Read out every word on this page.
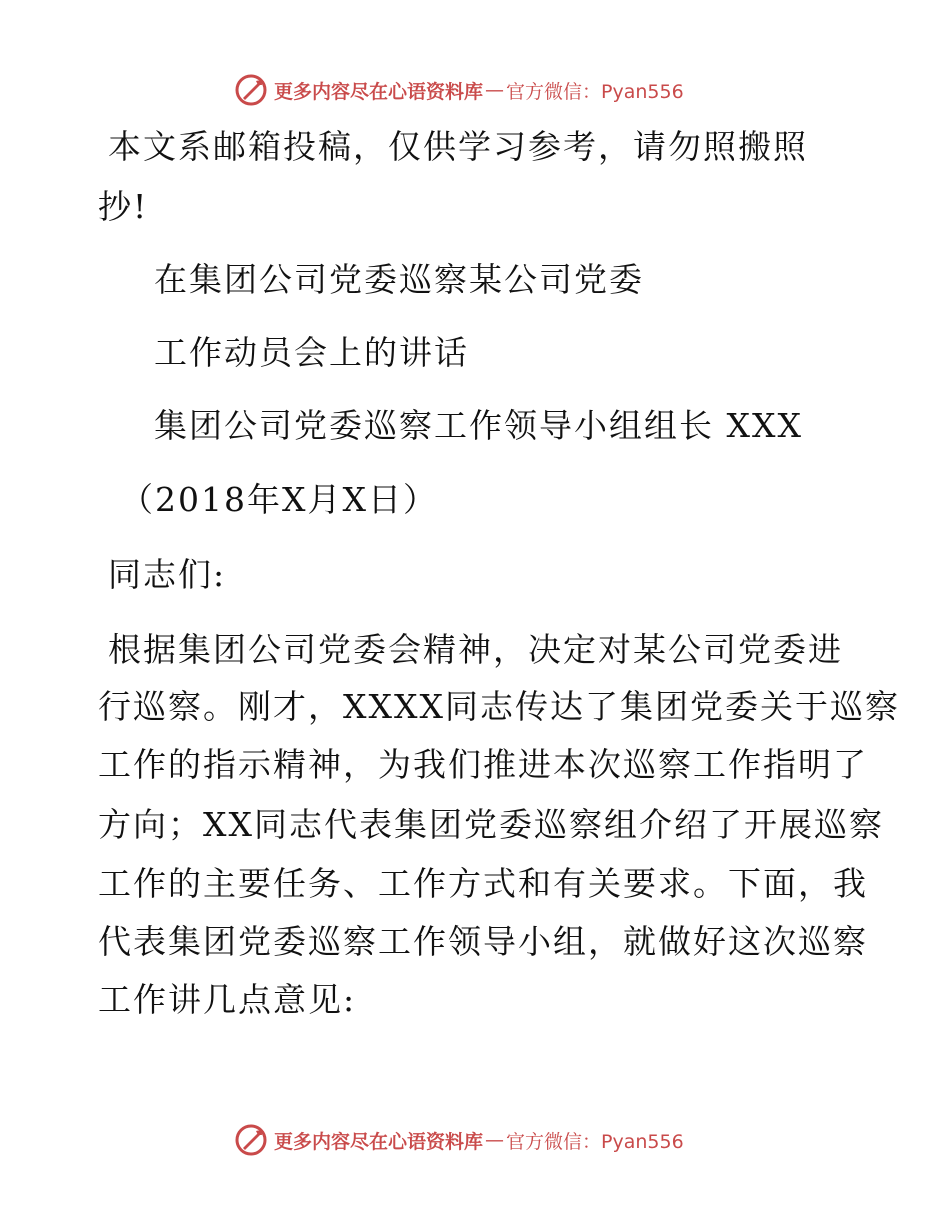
更多内容尽在心语资料库 — 官方微信：Pyan556
本文系邮箱投稿，仅供学习参考，请勿照搬照
抄!
在集团公司党委巡察某公司党委
工作动员会上的讲话
集团公司党委巡察工作领导小组组长 XXX
（2018年X月X日）
同志们:
根据集团公司党委会精神，决定对某公司党委进
行巡察。刚才，XXXX同志传达了集团党委关于巡察
工作的指示精神，为我们推进本次巡察工作指明了
方向；XX同志代表集团党委巡察组介绍了开展巡察
工作的主要任务、工作方式和有关要求。下面，我
代表集团党委巡察工作领导小组，就做好这次巡察
工作讲几点意见:
更多内容尽在心语资料库 — 官方微信：Pyan556
